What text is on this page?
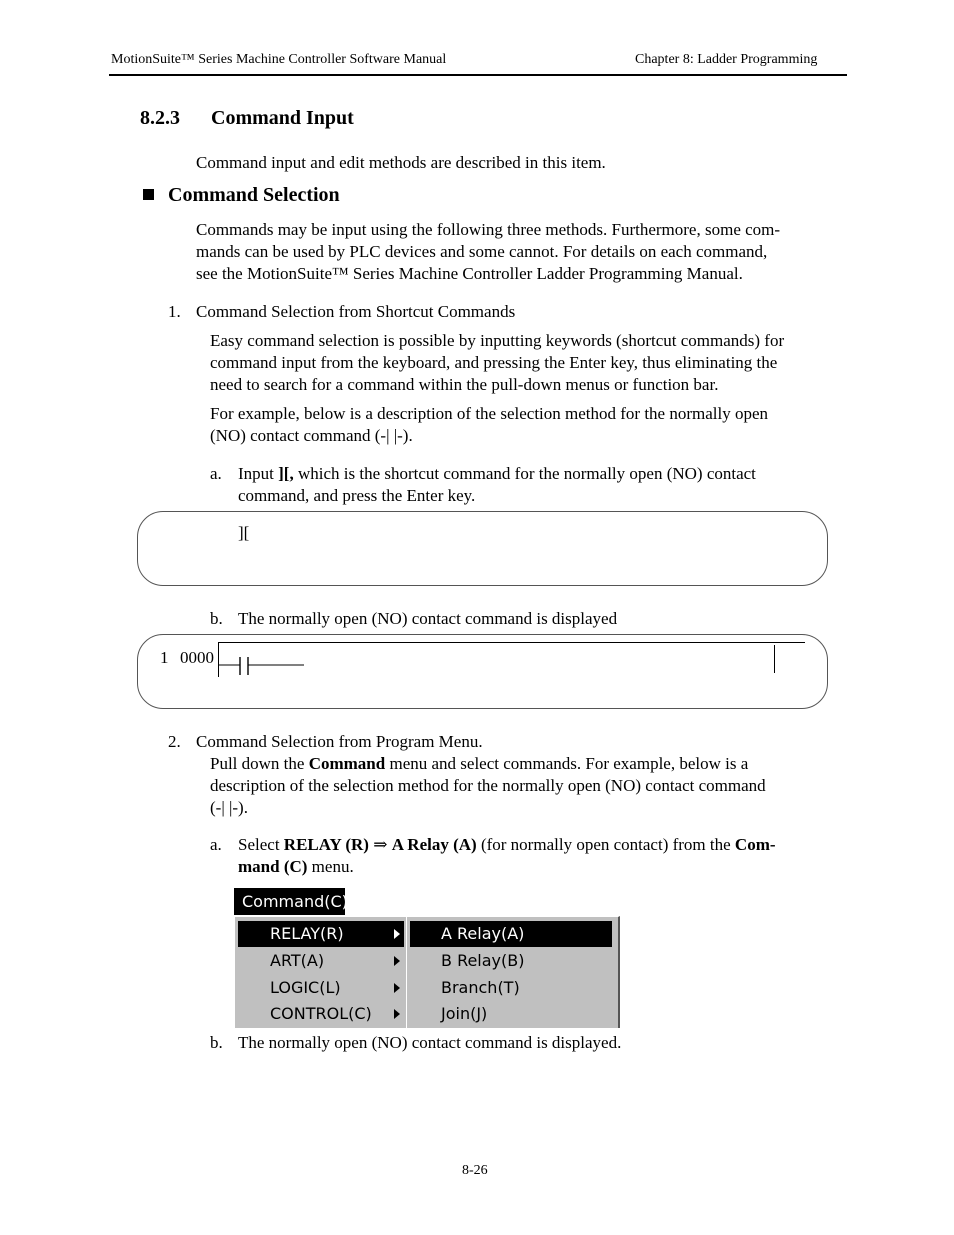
MotionSuite™ Series Machine Controller Software Manual	Chapter 8: Ladder Programming
8.2.3 Command Input
Command input and edit methods are described in this item.
Command Selection
Commands may be input using the following three methods. Furthermore, some com-
mands can be used by PLC devices and some cannot. For details on each command,
see the MotionSuite™ Series Machine Controller Ladder Programming Manual.
1. Command Selection from Shortcut Commands
Easy command selection is possible by inputting keywords (shortcut commands) for
command input from the keyboard, and pressing the Enter key, thus eliminating the
need to search for a command within the pull-down menus or function bar.
For example, below is a description of the selection method for the normally open
(NO) contact command (-| |-).
a. Input ][, which is the shortcut command for the normally open (NO) contact
command, and press the Enter key.
][
b. The normally open (NO) contact command is displayed
1 0000
2. Command Selection from Program Menu.
Pull down the Command menu and select commands. For example, below is a
description of the selection method for the normally open (NO) contact command
(-| |-).
a. Select RELAY (R) ⇒ A Relay (A) (for normally open contact) from the Com-
mand (C) menu.
Command(C)
RELAY(R)
ART(A)
LOGIC(L)
CONTROL(C)
A Relay(A)
B Relay(B)
Branch(T)
Join(J)
b. The normally open (NO) contact command is displayed.
8-26
